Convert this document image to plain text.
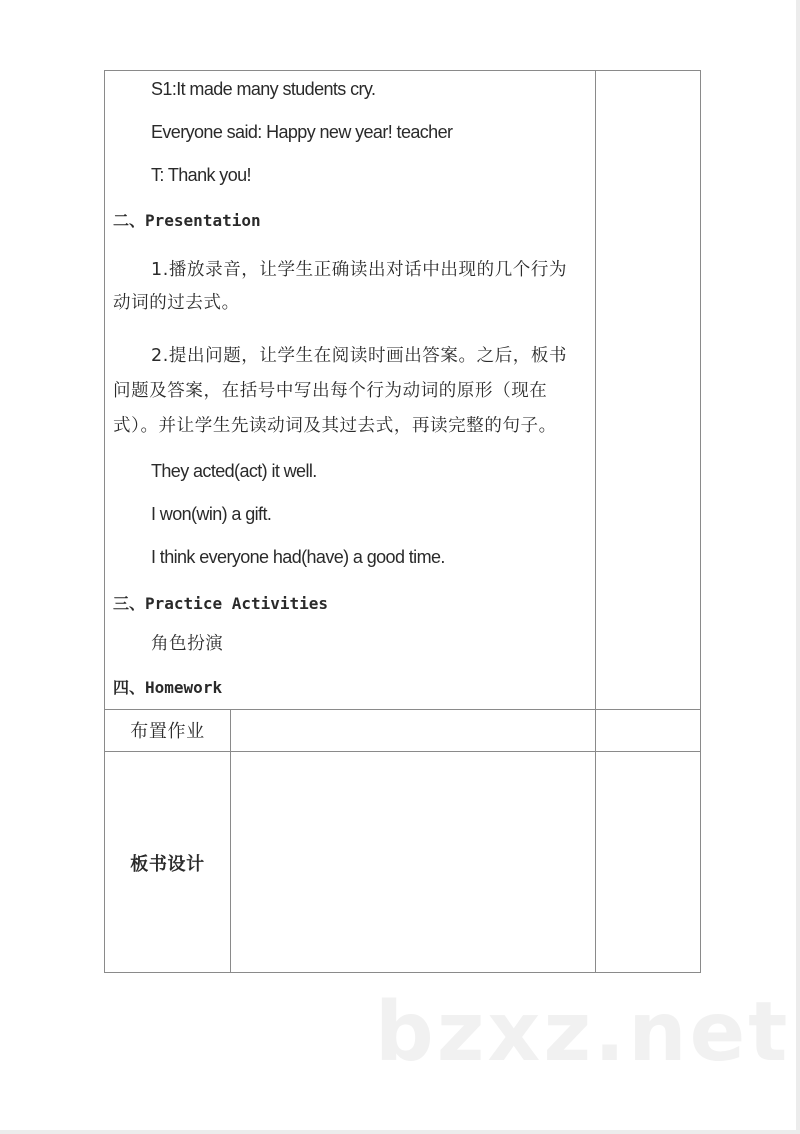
S1:It made many students cry.
Everyone said: Happy new year! teacher
T: Thank you!
二、Presentation
1.播放录音，让学生正确读出对话中出现的几个行为
动词的过去式。
2.提出问题，让学生在阅读时画出答案。之后，板书
问题及答案，在括号中写出每个行为动词的原形（现在
式）。并让学生先读动词及其过去式，再读完整的句子。
They acted(act) it well.
I won(win) a gift.
I think everyone had(have) a good time.
三、Practice Activities
角色扮演
四、Homework
布置作业
板书设计
bzxz.net
